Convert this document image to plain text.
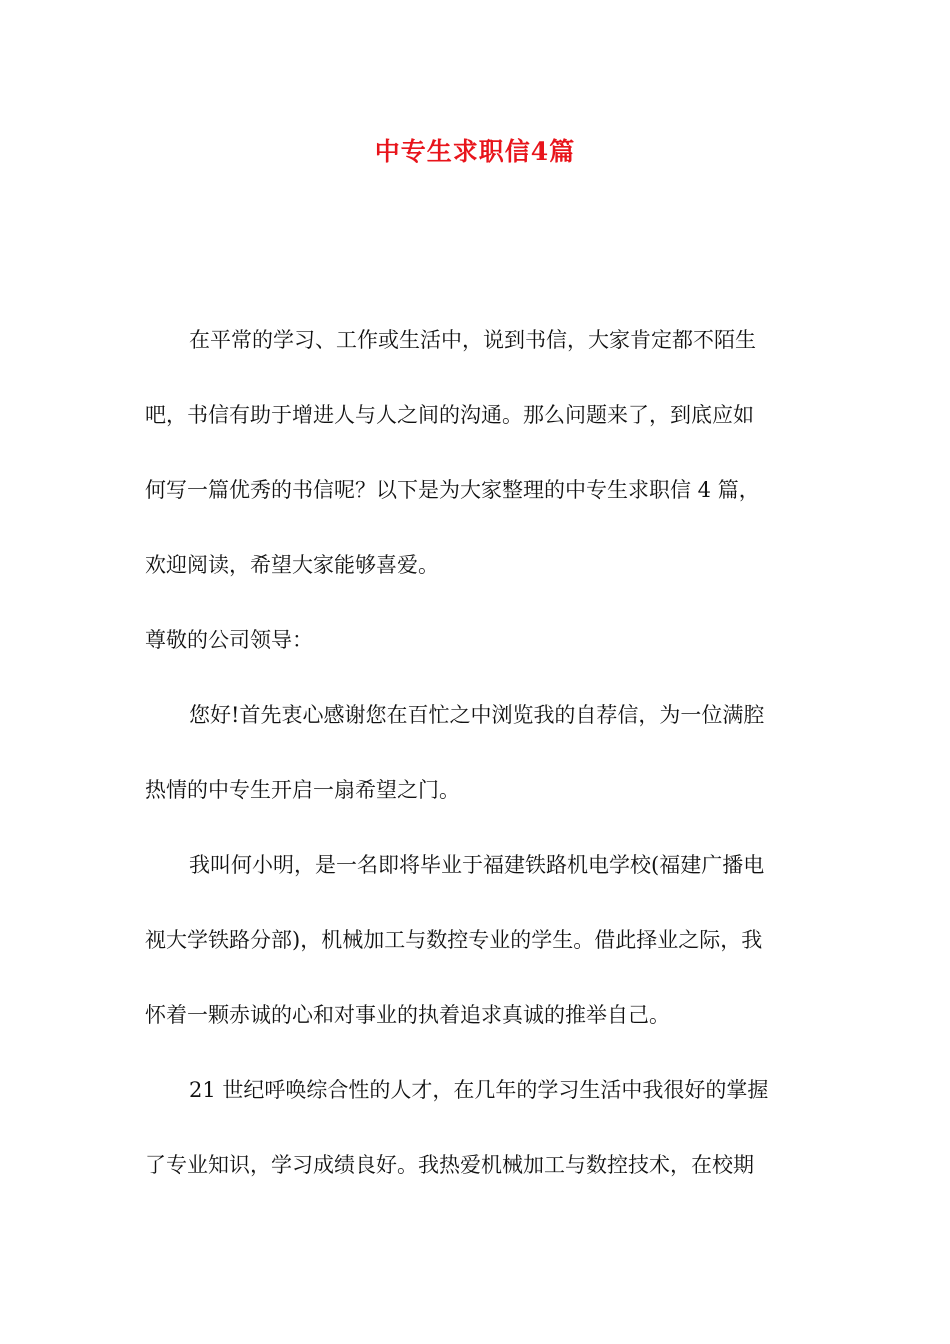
中专生求职信4篇
在平常的学习、工作或生活中，说到书信，大家肯定都不陌生
吧，书信有助于增进人与人之间的沟通。那么问题来了，到底应如
何写一篇优秀的书信呢？以下是为大家整理的中专生求职信 4 篇，
欢迎阅读，希望大家能够喜爱。
尊敬的公司领导：
您好!首先衷心感谢您在百忙之中浏览我的自荐信，为一位满腔
热情的中专生开启一扇希望之门。
我叫何小明，是一名即将毕业于福建铁路机电学校(福建广播电
视大学铁路分部)，机械加工与数控专业的学生。借此择业之际，我
怀着一颗赤诚的心和对事业的执着追求真诚的推举自己。
21 世纪呼唤综合性的人才，在几年的学习生活中我很好的掌握
了专业知识，学习成绩良好。我热爱机械加工与数控技术，在校期
